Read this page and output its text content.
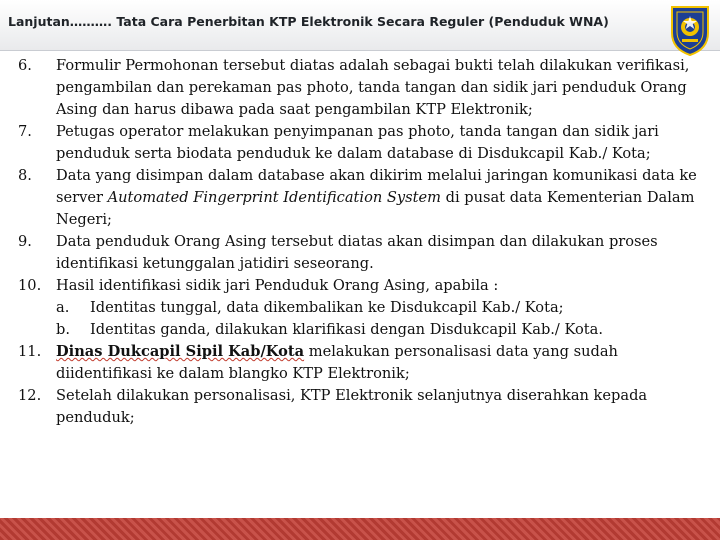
Lanjutan………. Tata Cara Penerbitan KTP Elektronik Secara Reguler (Penduduk WNA)
6.	Formulir Permohonan tersebut diatas adalah sebagai bukti telah dilakukan verifikasi, pengambilan dan perekaman pas photo, tanda tangan dan sidik jari penduduk Orang Asing dan harus dibawa pada saat pengambilan KTP Elektronik;
7.	Petugas operator melakukan penyimpanan pas photo, tanda tangan dan sidik jari penduduk serta biodata penduduk ke dalam database di Disdukcapil Kab./ Kota;
8.	Data yang disimpan dalam database akan dikirim melalui jaringan komunikasi data ke server Automated Fingerprint Identification System di pusat data Kementerian Dalam Negeri;
9.	Data penduduk Orang Asing tersebut diatas akan disimpan dan dilakukan proses identifikasi ketunggalan jatidiri seseorang.
10.	Hasil identifikasi sidik jari Penduduk Orang Asing, apabila :
a.	Identitas tunggal, data dikembalikan ke Disdukcapil Kab./ Kota;
b.	Identitas ganda, dilakukan klarifikasi dengan Disdukcapil Kab./ Kota.
11.	Dinas Dukcapil Sipil Kab/Kota melakukan personalisasi data yang sudah diidentifikasi ke dalam blangko KTP Elektronik;
12.	Setelah dilakukan personalisasi, KTP Elektronik selanjutnya diserahkan kepada penduduk;
